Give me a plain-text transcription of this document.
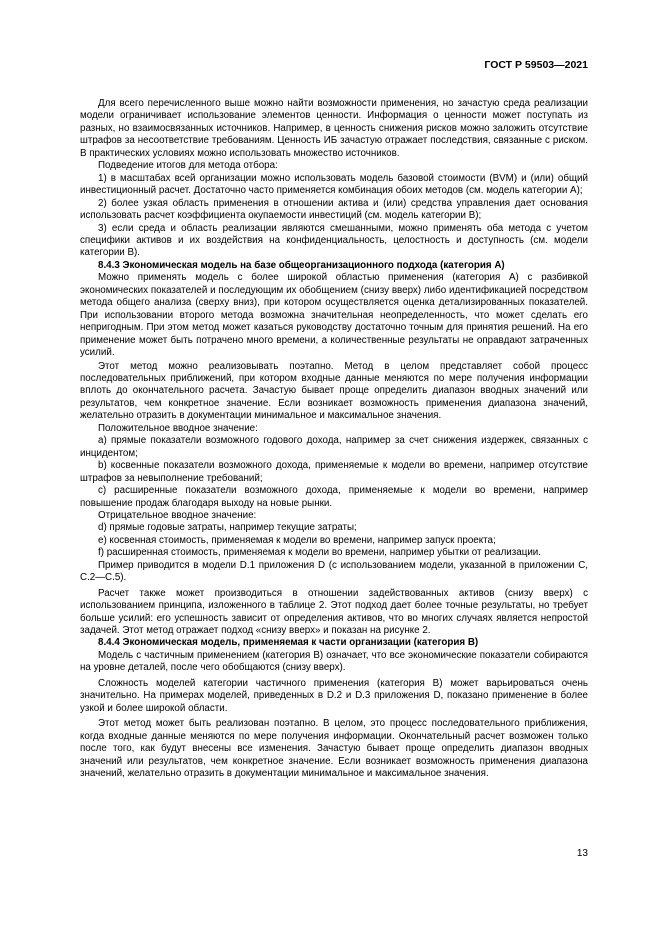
ГОСТ Р 59503—2021

Для всего перечисленного выше можно найти возможности применения, но зачастую среда реализации модели ограничивает использование элементов ценности. Информация о ценности может поступать из разных, но взаимосвязанных источников. Например, в ценность снижения рисков можно заложить отсутствие штрафов за несоответствие требованиям. Ценность ИБ зачастую отражает последствия, связанные с риском. В практических условиях можно использовать множество источников.

Подведение итогов для метода отбора:

1) в масштабах всей организации можно использовать модель базовой стоимости (BVM) и (или) общий инвестиционный расчет. Достаточно часто применяется комбинация обоих методов (см. модель категории А);

2) более узкая область применения в отношении актива и (или) средства управления дает основания использовать расчет коэффициента окупаемости инвестиций (см. модель категории В);

3) если среда и область реализации являются смешанными, можно применять оба метода с учетом специфики активов и их воздействия на конфиденциальность, целостность и доступность (см. модели категории В).

8.4.3 Экономическая модель на базе общеорганизационного подхода (категория А)

Можно применять модель с более широкой областью применения (категория А) с разбивкой экономических показателей и последующим их обобщением (снизу вверх) либо идентификацией посредством метода общего анализа (сверху вниз), при котором осуществляется оценка детализированных показателей. При использовании второго метода возможна значительная неопределенность, что может сделать его непригодным. При этом метод может казаться руководству достаточно точным для принятия решений. На его применение может быть потрачено много времени, а количественные результаты не оправдают затраченных усилий.

Этот метод можно реализовывать поэтапно. Метод в целом представляет собой процесс последовательных приближений, при котором входные данные меняются по мере получения информации вплоть до окончательного расчета. Зачастую бывает проще определить диапазон вводных значений или результатов, чем конкретное значение. Если возникает возможность применения диапазона значений, желательно отразить в документации минимальное и максимальное значения.

Положительное вводное значение:

a) прямые показатели возможного годового дохода, например за счет снижения издержек, связанных с инцидентом;

b) косвенные показатели возможного дохода, применяемые к модели во времени, например отсутствие штрафов за невыполнение требований;

c) расширенные показатели возможного дохода, применяемые к модели во времени, например повышение продаж благодаря выходу на новые рынки.

Отрицательное вводное значение:

d) прямые годовые затраты, например текущие затраты;

e) косвенная стоимость, применяемая к модели во времени, например запуск проекта;

f) расширенная стоимость, применяемая к модели во времени, например убытки от реализации.

Пример приводится в модели D.1 приложения D (с использованием модели, указанной в приложении С, С.2—С.5).

Расчет также может производиться в отношении задействованных активов (снизу вверх) с использованием принципа, изложенного в таблице 2. Этот подход дает более точные результаты, но требует больше усилий: его успешность зависит от определения активов, что во многих случаях является непростой задачей. Этот метод отражает подход «снизу вверх» и показан на рисунке 2.

8.4.4 Экономическая модель, применяемая к части организации (категория В)

Модель с частичным применением (категория В) означает, что все экономические показатели собираются на уровне деталей, после чего обобщаются (снизу вверх).

Сложность моделей категории частичного применения (категория В) может варьироваться очень значительно. На примерах моделей, приведенных в D.2 и D.3 приложения D, показано применение в более узкой и более широкой области.

Этот метод может быть реализован поэтапно. В целом, это процесс последовательного приближения, когда входные данные меняются по мере получения информации. Окончательный расчет возможен только после того, как будут внесены все изменения. Зачастую бывает проще определить диапазон вводных значений или результатов, чем конкретное значение. Если возникает возможность применения диапазона значений, желательно отразить в документации минимальное и максимальное значения.

13
